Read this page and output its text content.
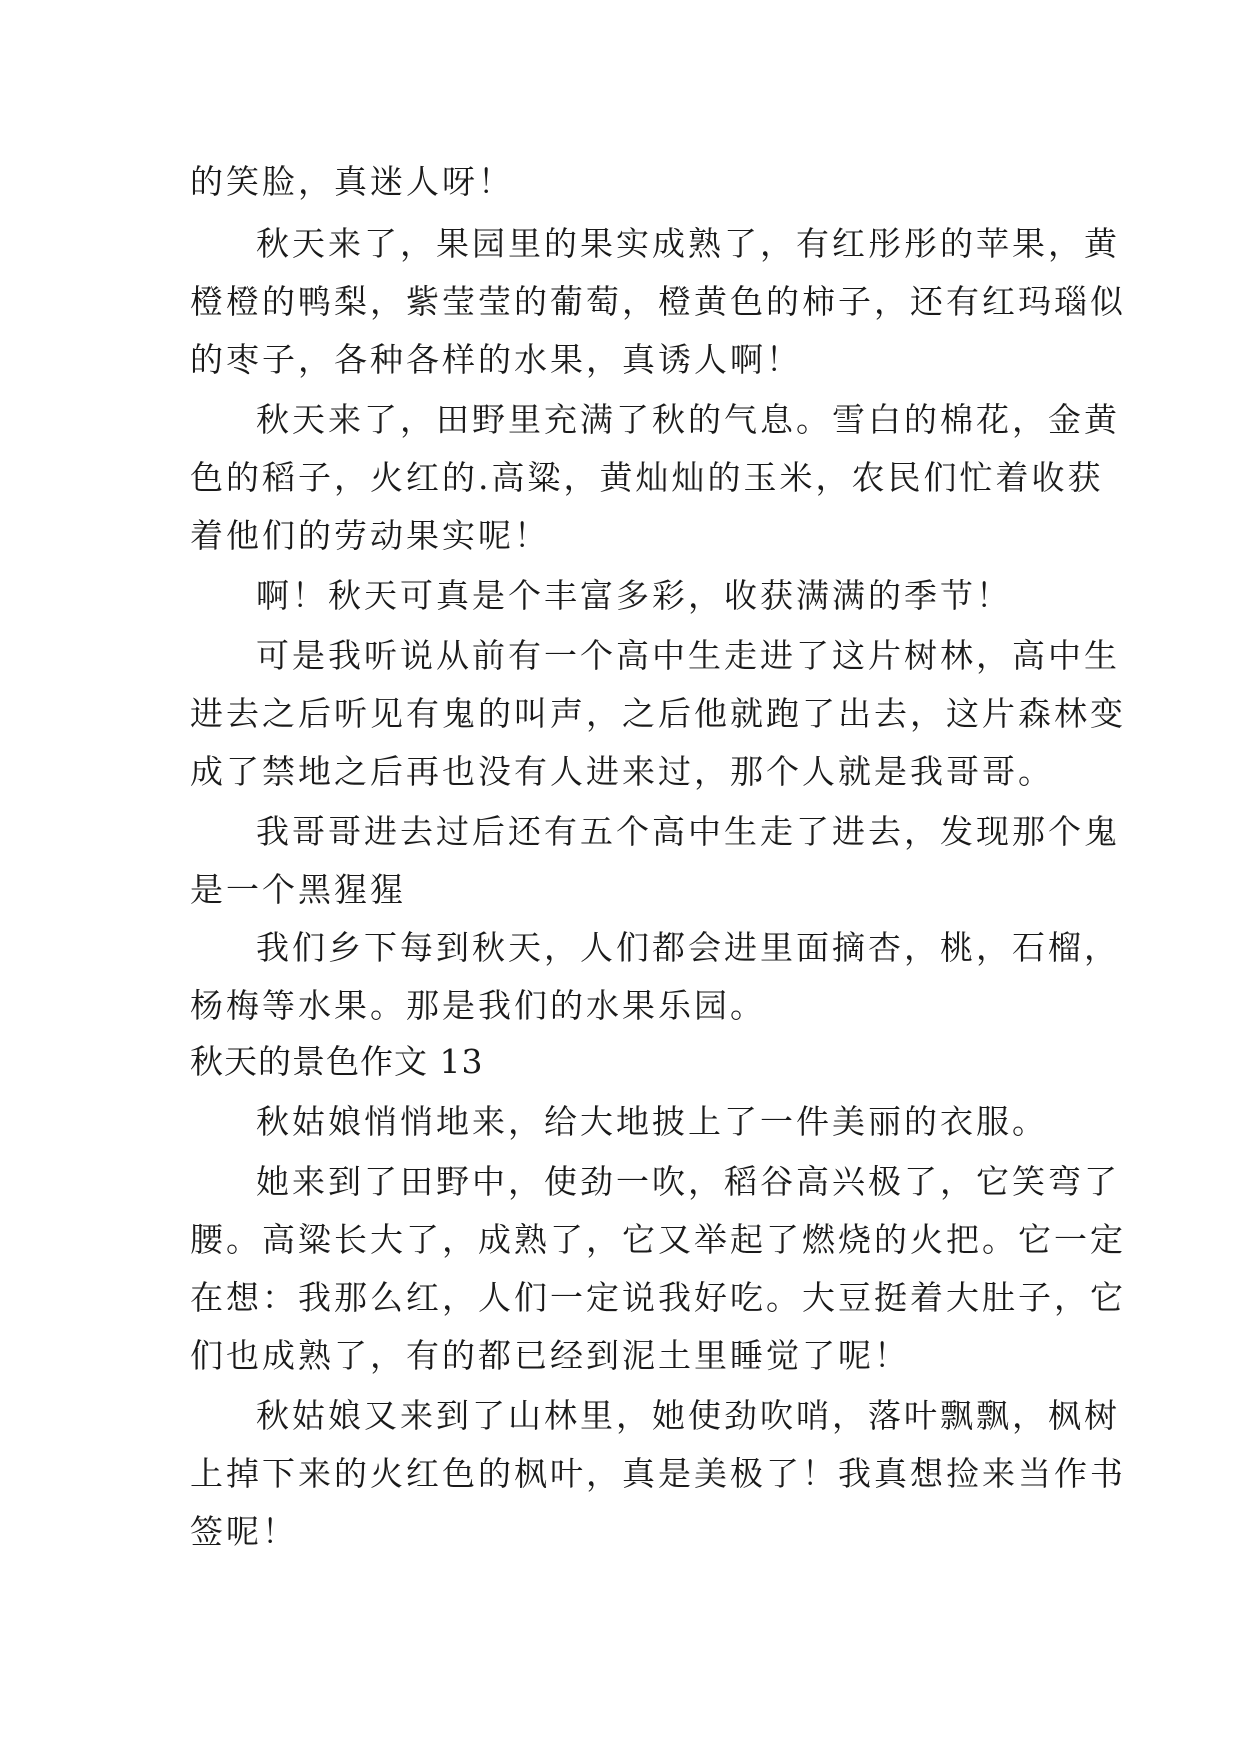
的笑脸，真迷人呀！

秋天来了，果园里的果实成熟了，有红彤彤的苹果，黄

橙橙的鸭梨，紫莹莹的葡萄，橙黄色的柿子，还有红玛瑙似

的枣子，各种各样的水果，真诱人啊！

秋天来了，田野里充满了秋的气息。雪白的棉花，金黄

色的稻子，火红的.高粱，黄灿灿的玉米，农民们忙着收获

着他们的劳动果实呢！

啊！秋天可真是个丰富多彩，收获满满的季节！

可是我听说从前有一个高中生走进了这片树林，高中生

进去之后听见有鬼的叫声，之后他就跑了出去，这片森林变

成了禁地之后再也没有人进来过，那个人就是我哥哥。

我哥哥进去过后还有五个高中生走了进去，发现那个鬼

是一个黑猩猩

我们乡下每到秋天，人们都会进里面摘杏，桃，石榴，

杨梅等水果。那是我们的水果乐园。

秋天的景色作文 13

秋姑娘悄悄地来，给大地披上了一件美丽的衣服。

她来到了田野中，使劲一吹，稻谷高兴极了，它笑弯了

腰。高粱长大了，成熟了，它又举起了燃烧的火把。它一定

在想：我那么红，人们一定说我好吃。大豆挺着大肚子，它

们也成熟了，有的都已经到泥土里睡觉了呢！

秋姑娘又来到了山林里，她使劲吹哨，落叶飘飘，枫树

上掉下来的火红色的枫叶，真是美极了！我真想捡来当作书

签呢！
